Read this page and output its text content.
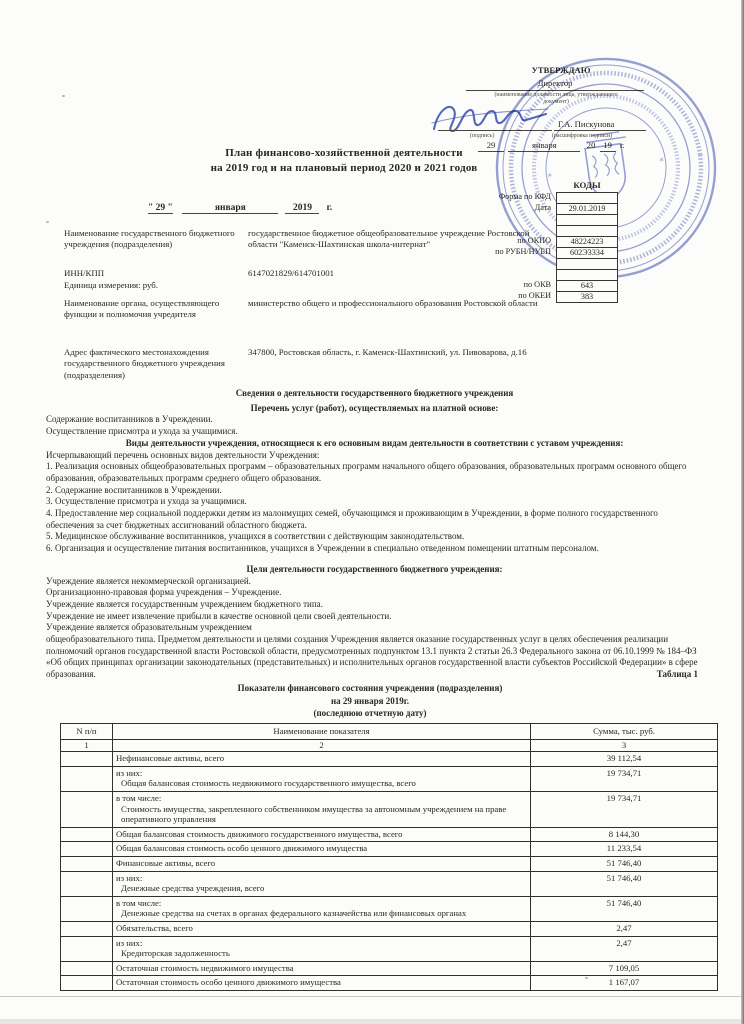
УТВЕРЖДАЮ
Директор
(наименование должности лица, утверждающего
документ)
Г.А. Пискунова
(подпись)	(расшифровка подписи)
29	января	20 19 г.
*
*
План финансово-хозяйственной деятельности
на 2019 год и на плановый период 2020 и 2021 годов
" 29 "	января	2019 г.
КОДЫ
Форма по КФД
Дата	29.01.2019
по ОКПО	48224223
по РУБН/НУБП	602Э3334
по ОКВ	643
по ОКЕИ	383
Наименование государственного бюджетного учреждения (подразделения)
государственное бюджетное общеобразовательное учреждение Ростовской области "Каменск-Шахтинская школа-интернат"
ИНН/КПП	6147021829/614701001
Единица измерения: руб.
Наименование органа, осуществляющего функции и полномочия учредителя
министерство общего и профессионального образования Ростовской области
Адрес фактического местонахождения государственного бюджетного учреждения (подразделения)
347800, Ростовская область, г. Каменск-Шахтинский, ул. Пивоварова, д.16
Сведения о деятельности государственного бюджетного учреждения
Перечень услуг (работ), осуществляемых на платной основе:
Содержание воспитанников в Учреждении.
Осуществление присмотра и ухода за учащимися.
Виды деятельности учреждения, относящиеся к его основным видам деятельности в соответствии с уставом учреждения:
Исчерпывающий перечень основных видов деятельности Учреждения:
1. Реализация основных общеобразовательных программ – образовательных программ начального общего образования, образовательных программ основного общего образования, образовательных программ среднего общего образования.
2. Содержание воспитанников в Учреждении.
3. Осуществление присмотра и ухода за учащимися.
4. Предоставление мер социальной поддержки детям из малоимущих семей, обучающимся и проживающим в Учреждении, в форме полного государственного обеспечения за счет бюджетных ассигнований областного бюджета.
5. Медицинское обслуживание воспитанников, учащихся в соответствии с действующим законодательством.
6. Организация и осуществление питания воспитанников, учащихся в Учреждении в специально отведенном помещении штатным персоналом.
Цели деятельности государственного бюджетного учреждения:
Учреждение является некоммерческой организацией.
Организационно-правовая форма учреждения – Учреждение.
Учреждение является государственным учреждением бюджетного типа.
Учреждение не имеет извлечение прибыли в качестве основной цели своей деятельности.
Учреждение является образовательным учреждением
общеобразовательного типа. Предметом деятельности и целями создания Учреждения является оказание государственных услуг в целях обеспечения реализации полномочий органов государственной власти Ростовской области, предусмотренных подпунктом 13.1 пункта 2 статьи 26.3 Федерального закона от 06.10.1999 № 184–ФЗ «Об общих принципах организации законодательных (представительных) и исполнительных органов государственной власти субъектов Российской Федерации» в сфере образования.	Таблица 1
Показатели финансового состояния учреждения (подразделения)
на 29 января 2019г.
(последнюю отчетную дату)
N п/п	Наименование показателя	Сумма, тыс. руб.
1	2	3

	Нефинансовые активы, всего	39 112,54

	из них:
Общая балансовая стоимость недвижимого государственного имущества, всего	19 734,71

	в том числе:
Стоимость имущества, закрепленного собственником имущества за автономным учреждением на праве
оперативного управления	19 734,71

	Общая балансовая стоимость движимого государственного имущества, всего	8 144,30

	Общая балансовая стоимость особо ценного движимого имущества	11 233,54

	Финансовые активы, всего	51 746,40

	из них:
Денежные средства учреждения, всего	51 746,40

	в том числе:
Денежные средства на счетах в органах федерального казначейства или финансовых органах	51 746,40

	Обязательства, всего	2,47

	из них:
Кредиторская задолженность	2,47

	Остаточная стоимость недвижимого имущества	7 109,05

	Остаточная стоимость особо ценного движимого имущества	1 167,07
